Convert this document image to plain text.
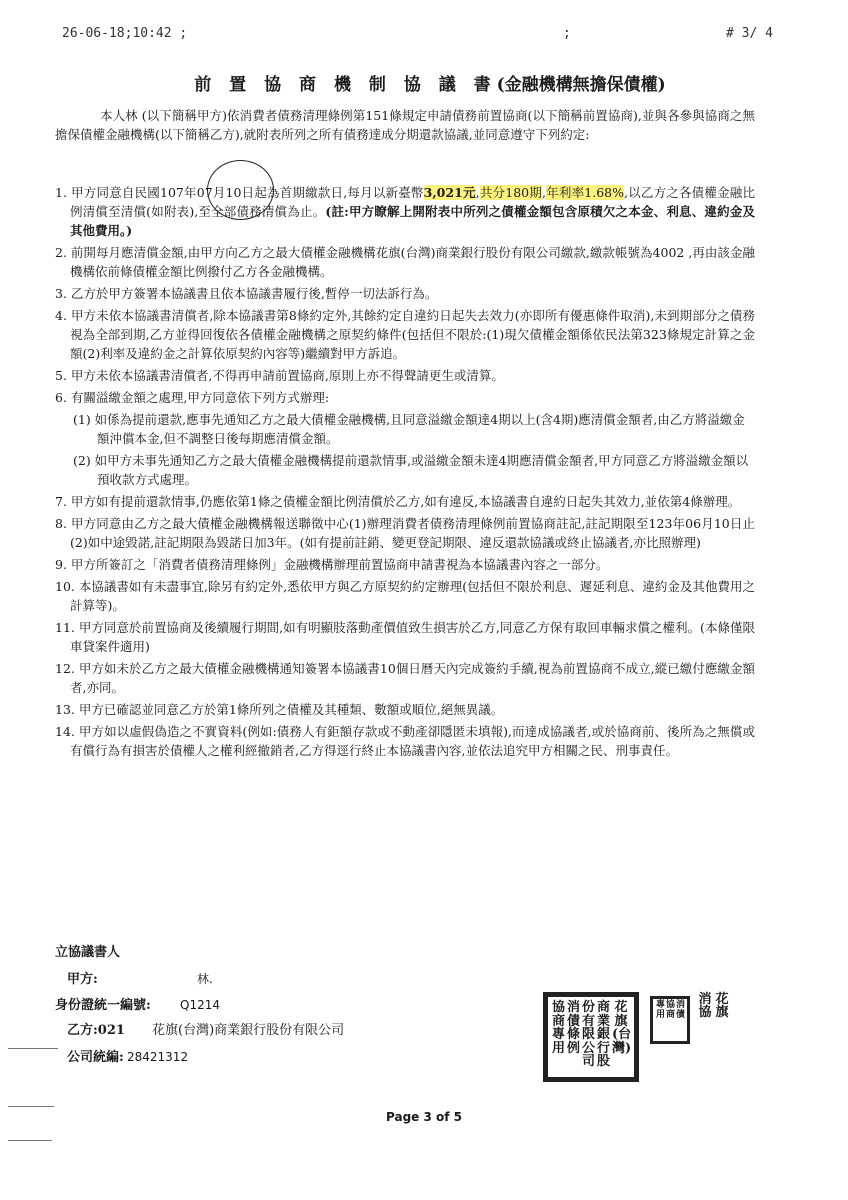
26-06-18;10:42 ;	;	# 3/ 4
前 置 協 商 機 制 協 議 書(金融機構無擔保債權)
本人林 (以下簡稱甲方)依消費者債務清理條例第151條規定申請債務前置協商(以下簡稱前置協商),並與各參與協商之無擔保債權金融機構(以下簡稱乙方),就附表所列之所有債務達成分期還款協議,並同意遵守下列約定:

1. 甲方同意自民國107年07月10日起為首期繳款日,每月以新臺幣3,021元,共分180期,年利率1.68%,以乙方之各債權金融比例清償至清償(如附表),至全部債務清償為止。(註:甲方瞭解上開附表中所列之債權金額包含原積欠之本金、利息、違約金及其他費用。)

2. 前開每月應清償金額,由甲方向乙方之最大債權金融機構花旗(台灣)商業銀行股份有限公司繳款,繳款帳號為4002 ,再由該金融機構依前條債權金額比例撥付乙方各金融機構。

3. 乙方於甲方簽署本協議書且依本協議書履行後,暫停一切法訴行為。

4. 甲方未依本協議書清償者,除本協議書第8條約定外,其餘約定自違約日起失去效力(亦即所有優惠條件取消),未到期部分之債務視為全部到期,乙方並得回復依各債權金融機構之原契約條件(包括但不限於:(1)現欠債權金額係依民法第323條規定計算之金額(2)利率及違約金之計算依原契約內容等)繼續對甲方訴追。

5. 甲方未依本協議書清償者,不得再申請前置協商,原則上亦不得聲請更生或清算。

6. 有關溢繳金額之處理,甲方同意依下列方式辦理:

(1) 如係為提前還款,應事先通知乙方之最大債權金融機構,且同意溢繳金額達4期以上(含4期)應清償金額者,由乙方將溢繳金額沖償本金,但不調整日後每期應清償金額。

(2) 如甲方未事先通知乙方之最大債權金融機構提前還款情事,或溢繳金額未達4期應清償金額者,甲方同意乙方將溢繳金額以預收款方式處理。

7. 甲方如有提前還款情事,仍應依第1條之債權金額比例清償於乙方,如有違反,本協議書自違約日起失其效力,並依第4條辦理。

8. 甲方同意由乙方之最大債權金融機構報送聯徵中心(1)辦理消費者債務清理條例前置協商註記,註記期限至123年06月10日止(2)如中途毀諾,註記期限為毀諾日加3年。(如有提前註銷、變更登記期限、違反還款協議或終止協議者,亦比照辦理)

9. 甲方所簽訂之「消費者債務清理條例」金融機構辦理前置協商申請書視為本協議書內容之一部分。

10. 本協議書如有未盡事宜,除另有約定外,悉依甲方與乙方原契約約定辦理(包括但不限於利息、遲延利息、違約金及其他費用之計算等)。

11. 甲方同意於前置協商及後續履行期間,如有明顯肢落動產價值致生損害於乙方,同意乙方保有取回車輛求償之權利。(本條僅限車貸案件適用)

12. 甲方如未於乙方之最大債權金融機構通知簽署本協議書10個日曆天內完成簽約手續,視為前置協商不成立,縱已繳付應繳金額者,亦同。

13. 甲方已確認並同意乙方於第1條所列之債權及其種類、數額或順位,絕無異議。

14. 甲方如以虛假偽造之不實資料(例如:債務人有鉅額存款或不動產卻隱匿未填報),而達成協議者,或於協商前、後所為之無償或有償行為有損害於債權人之權利經撤銷者,乙方得逕行終止本協議書內容,並依法追究甲方相關之民、刑事責任。

立協議書人
甲方:	林.
身份證統一編號: Q1214
乙方:021 花旗(台灣)商業銀行股份有限公司
公司統編: 28421312
花旗(台灣)
商業銀行股
份有限公司
消債條例
協商專用
消債
協商
專用
花旗
消協
Page 3 of 5
